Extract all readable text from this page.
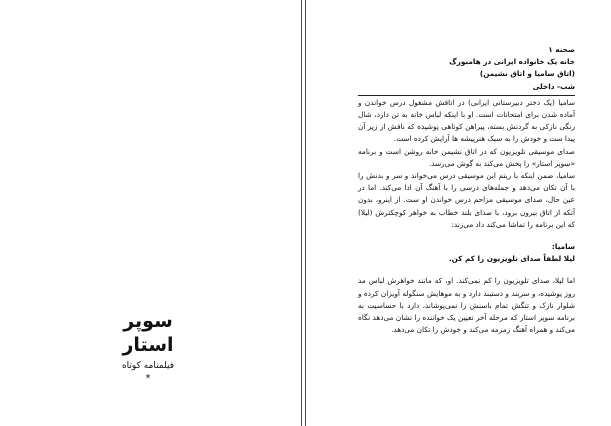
سوپر استار
فیلمنامه کوتاه
*

صحنه ۱

خانه یک خانواده ایرانی در هامبورگ

(اتاق ساميا و اتاق نشیمن)

شب- داخلی

ساميا (یک دختر دبیرستانی ایرانی) در اتاقش مشغول درس خواندن و آماده شدن برای امتحانات است. او با اینکه لباس خانه به تن دارد، شال رنگی نازکی به گردنش بسته، پیراهن کوتاهی پوشیده که نافش از زیر آن پیدا ست و خودش را به سبک هنرپیشه ها آرایش کرده است.

صدای موسیقی تلویزیون که در اتاق نشیمن خانه روشن است و برنامه «سوپر استار» را پخش می‌کند به گوش می‌رسد.

ساميا، ضمن اینکه با ریتم این موسیقی درس می‌خواند و سر و بدنش را با آن تکان می‌دهد و جمله‌های درسی را با آهنگ آن ادا می‌کند. اما در عین حال، صدای موسیقی مزاحم درس خواندن او ست. از اینرو، بدون آنکه از اتاق بیرون برود، با صدای بلند خطاب به خواهر کوچکترش (لیلا) که این برنامه را تماشا می‌کند داد می‌زند:

ساميا:

لیلا لطفاً صدای تلویزیون را کم کن.

اما لیلا، صدای تلویزیون را کم نمی‌کند. او، که مانند خواهرش لباس مد روز پوشیده، و سربند و دستبند دارد و به موهایش سنگوله آویزان کرده و شلوار نازک و تنگش تمام باسنش را نمی‌پوشاند، دارد با حساسیت به برنامه سوپر استار که مرحله آخر تعیین یک خواننده را نشان می‌دهد نگاه می‌کند و همراه آهنگ زمزمه می‌کند و خودش را تکان می‌دهد.
